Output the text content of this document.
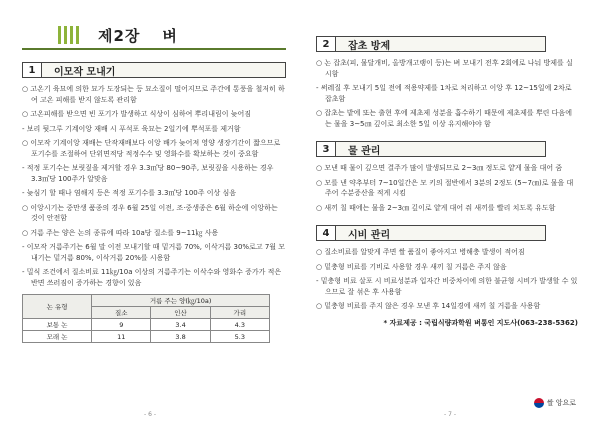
제2장 벼
1	이모작 모내기

○ 고온기 육묘에 의한 묘가 도장되는 등 묘소질이 떨어지므로 주간에 통풍을 철저히 하여 고온 피해를 받지 않도록 관리함

○ 고온피해를 받으면 빈 포기가 발생하고 식상이 심하여 뿌리내림이 늦어짐

- 보리 뒷그루 기계이앙 재배 시 푸석포 육묘는 2일기에 뿌석포를 제거함

○ 이모작 기계이앙 재배는 단작재배보다 이앙 배가 늦어져 영양 생장기간이 짧으므로 포기수를 조절하여 단위면적당 적정수수 및 영화수를 확보하는 것이 중요함

- 적정 포기수는 보릿짚을 제거할 경우 3.3㎡당 80~90주, 보릿짚을 시용하는 경우 3.3㎡당 100주가 알맞음

- 늦심기 할 때나 염해지 등은 적정 포기수를 3.3㎡당 100주 이상 심음

○ 이앙시기는 중만생 품종의 경우 6월 25일 이전, 조·중생종은 6월 하순에 이앙하는 것이 안전함

○ 거름 주는 양은 논의 종류에 따라 10a당 질소를 9~11㎏ 사용

- 이모작 거름주기는 6월 말 이전 모내기할 때 밑거름 70%, 이삭거름 30%로고 7월 모내기는 밑거름 80%, 이삭거름 20%를 시용함

- 밀식 조건에서 질소비료 11㎏/10a 이상의 거름주기는 이삭수와 영화수 증가가 적은 반면 쓰러짐이 증가하는 경향이 있음

논 유형	거름 주는 양(㎏/10a)		
	질소	인산	가리
보통 논	9	3.4	4.3
모래 논	11	3.8	5.3
- 6 -
2	잡초 방제

○ 논 잡초(피, 물달개비, 올방개고랭이 등)는 벼 모내기 전후 2회에로 나눠 방제를 실시함

- 써레질 후 모내기 5일 전에 적용약제를 1차로 처리하고 이앙 후 12~15일에 2차로 잡초함

○ 잡초는 밭에 또는 출현 후에 제초제 성분을 흡수하기 때문에 제초제를 뿌린 다음에는 물을 3~5㎝ 깊이로 최소한 5일 이상 유지해야야 함

3	물 관리

○ 모낸 때 물이 깊으면 결주가 많이 발생되므로 2~3㎝ 정도로 얕게 물을 대어 줌

○ 모를 낸 약추부터 7~10일간은 모 키의 절반에서 3분의 2정도 (5~7㎝)로 물을 대주어 수분증산을 적게 시킴

○ 새끼 칠 때에는 물을 2~3㎝ 깊이로 얕게 대어 줘 새끼를 빨리 치도록 유도함

4	시비 관리

○ 질소비료를 알맞게 주면 쌀 품질이 좋아지고 병해충 발생이 적어짐

○ 밑충형 비료를 기비로 사용할 경우 새끼 칠 거름은 주지 않음

- 밑충형 비료 살포 시 비료성분과 입자간 비중차이에 의한 불균형 시비가 발생할 수 있으므로 잘 섞은 후 사용함

○ 밑충형 비료를 주지 않은 경우 모낸 후 14일경에 새끼 칠 거름을 사용함

* 자료제공 : 국립식량과학원 벼통인 지도사(063-238-5362)
쌀 앙요로
- 7 -
